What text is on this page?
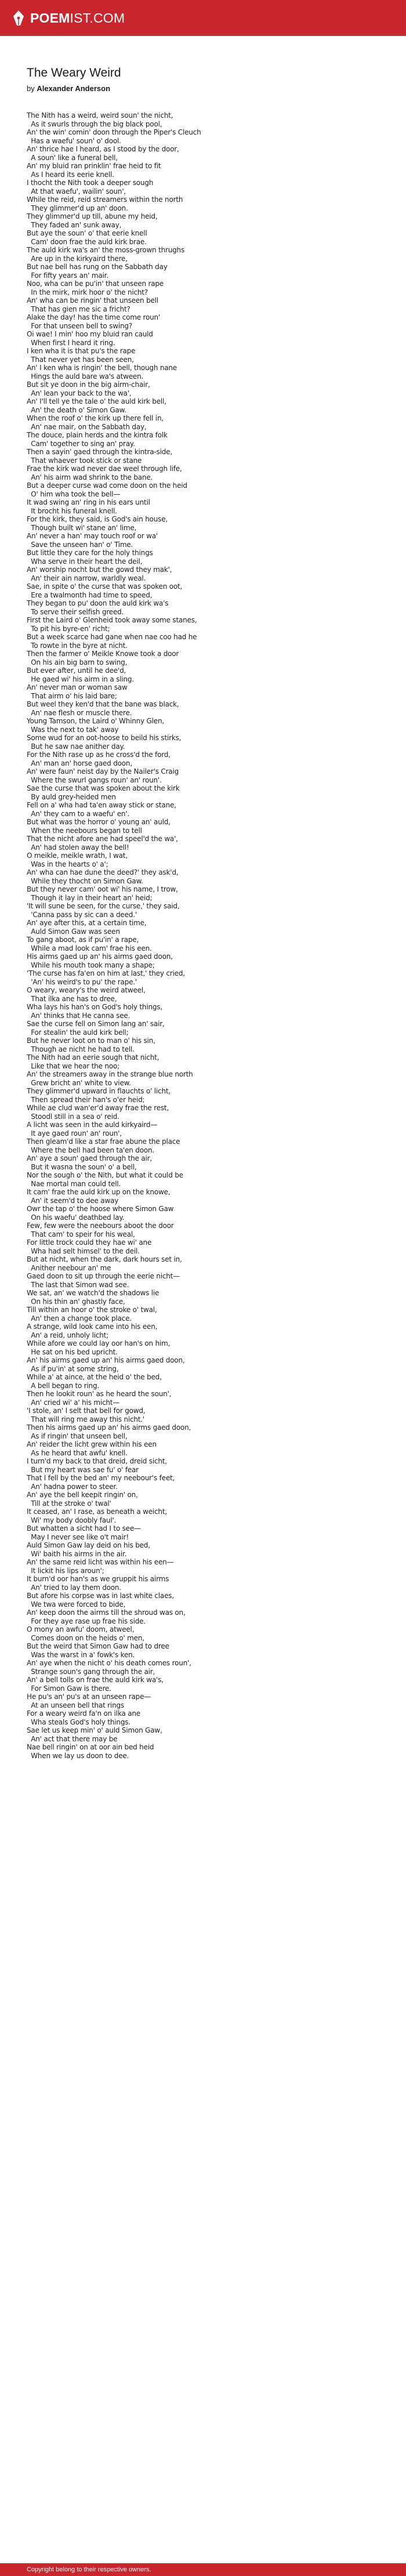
POEMIST.COM
The Weary Weird
by Alexander Anderson
The Nith has a weird, weird soun' the nicht,
As it swurls through the big black pool,
An' the win' comin' doon through the Piper's Cleuch
Has a waefu' soun' o' dool.
An' thrice hae I heard, as I stood by the door,
A soun' like a funeral bell,
An' my bluid ran prinklin' frae heid to fit
As I heard its eerie knell.
I thocht the Nith took a deeper sough
At that waefu', wailin' soun',
While the reid, reid streamers within the north
They glimmer'd up an' doon.
They glimmer'd up till, abune my heid,
They faded an' sunk away,
But aye the soun' o' that eerie knell
Cam' doon frae the auld kirk brae.
The auld kirk wa's an' the moss-grown thrughs
Are up in the kirkyaird there,
But nae bell has rung on the Sabbath day
For fifty years an' mair.
Noo, wha can be pu'in' that unseen rape
In the mirk, mirk hoor o' the nicht?
An' wha can be ringin' that unseen bell
That has gien me sic a fricht?
Alake the day! has the time come roun'
For that unseen bell to swing?
Oi wae! I min' hoo my bluid ran cauld
When first I heard it ring.
I ken wha it is that pu's the rape
That never yet has been seen,
An' I ken wha is ringin' the bell, though nane
Hings the auld bare wa's atween.
But sit ye doon in the big airm-chair,
An' lean your back to the wa',
An' I'll tell ye the tale o' the auld kirk bell,
An' the death o' Simon Gaw.
When the roof o' the kirk up there fell in,
An' nae mair, on the Sabbath day,
The douce, plain herds and the kintra folk
Cam' together to sing an' pray.
Then a sayin' gaed through the kintra-side,
That whaever took stick or stane
Frae the kirk wad never dae weel through life,
An' his airm wad shrink to the bane.
But a deeper curse wad come doon on the heid
O' him wha took the bell—
It wad swing an' ring in his ears until
It brocht his funeral knell.
For the kirk, they said, is God's ain house,
Though built wi' stane an' lime,
An' never a han' may touch roof or wa'
Save the unseen han' o' Time.
But little they care for the holy things
Wha serve in their heart the deil,
An' worship nocht but the gowd they mak',
An' their ain narrow, warldly weal.
Sae, in spite o' the curse that was spoken oot,
Ere a twalmonth had time to speed,
They began to pu' doon the auld kirk wa's
To serve their selfish greed.
First the Laird o' Glenheid took away some stanes,
To pit his byre-en' richt;
But a week scarce had gane when nae coo had he
To rowte in the byre at nicht.
Then the farmer o' Meikle Knowe took a door
On his ain big barn to swing,
But ever after, until he dee'd,
He gaed wi' his airm in a sling.
An' never man or woman saw
That airm o' his laid bare;
But weel they ken'd that the bane was black,
An' nae flesh or muscle there.
Young Tamson, the Laird o' Whinny Glen,
Was the next to tak' away
Some wud for an oot-hoose to beild his stirks,
But he saw nae anither day.
For the Nith rase up as he cross'd the ford,
An' man an' horse gaed doon,
An' were faun' neist day by the Nailer's Craig
Where the swurl gangs roun' an' roun'.
Sae the curse that was spoken about the kirk
By auld grey-heided men
Fell on a' wha had ta'en away stick or stane,
An' they cam to a waefu' en'.
But what was the horror o' young an' auld,
When the neebours began to tell
That the nicht afore ane had speel'd the wa',
An' had stolen away the bell!
O meikle, meikle wrath, I wat,
Was in the hearts o' a';
An' wha can hae dune the deed?' they ask'd,
While they thocht on Simon Gaw.
But they never cam' oot wi' his name, I trow,
Though it lay in their heart an' heid;
'It will sune be seen, for the curse,' they said,
'Canna pass by sic can a deed.'
An' aye after this, at a certain time,
Auld Simon Gaw was seen
To gang aboot, as if pu'in' a rape,
While a mad look cam' frae his een.
His airms gaed up an' his airms gaed doon,
While his mouth took many a shape;
'The curse has fa'en on him at last,' they cried,
'An' his weird's to pu' the rape.'
O weary, weary's the weird atweel,
That ilka ane has to dree,
Wha lays his han's on God's holy things,
An' thinks that He canna see.
Sae the curse fell on Simon lang an' sair,
For stealin' the auld kirk bell;
But he never loot on to man o' his sin,
Though ae nicht he had to tell.
The Nith had an eerie sough that nicht,
Like that we hear the noo;
An' the streamers away in the strange blue north
Grew bricht an' white to view.
They glimmer'd upward in flauchts o' licht,
Then spread their han's o'er heid;
While ae clud wan'er'd away frae the rest,
Stoodl still in a sea o' reid.
A licht was seen in the auld kirkyaird—
It aye gaed roun' an' roun',
Then gleam'd like a star frae abune the place
Where the bell had been ta'en doon.
An' aye a soun' gaed through the air,
But it wasna the soun' o' a bell,
Nor the sough o' the Nith, but what it could be
Nae mortal man could tell.
It cam' frae the auld kirk up on the knowe,
An' it seem'd to dee away
Owr the tap o' the hoose where Simon Gaw
On his waefu' deathbed lay.
Few, few were the neebours aboot the door
That cam' to speir for his weal,
For little trock could they hae wi' ane
Wha had selt himsel' to the deil.
But at nicht, when the dark, dark hours set in,
Anither neebour an' me
Gaed doon to sit up through the eerie nicht—
The last that Simon wad see.
We sat, an' we watch'd the shadows lie
On his thin an' ghastly face,
Till within an hoor o' the stroke o' twal,
An' then a change took place.
A strange, wild look came into his een,
An' a reid, unholy licht;
While afore we could lay oor han's on him,
He sat on his bed upricht.
An' his airms gaed up an' his airms gaed doon,
As if pu'in' at some string,
While a' at aince, at the heid o' the bed,
A bell began to ring.
Then he lookit roun' as he heard the soun',
An' cried wi' a' his micht—
'I stole, an' I selt that bell for gowd,
That will ring me away this nicht.'
Then his airms gaed up an' his airms gaed doon,
As if ringin' that unseen bell,
An' reider the licht grew within his een
As he heard that awfu' knell.
I turn'd my back to that dreid, dreid sicht,
But my heart was sae fu' o' fear
That I fell by the bed an' my neebour's feet,
An' hadna power to steer.
An' aye the bell keepit ringin' on,
Till at the stroke o' twal'
It ceased, an' I rase, as beneath a weicht,
Wi' my body doobly faul'.
But whatten a sicht had I to see—
May I never see like o't mair!
Auld Simon Gaw lay deid on his bed,
Wi' baith his airms in the air.
An' the same reid licht was within his een—
It lickit his lips aroun';
It burn'd oor han's as we gruppit his airms
An' tried to lay them doon.
But afore his corpse was in last white claes,
We twa were forced to bide,
An' keep doon the airms till the shroud was on,
For they aye rase up frae his side.
O mony an awfu' doom, atweel,
Comes doon on the heids o' men,
But the weird that Simon Gaw had to dree
Was the warst in a' fowk's ken.
An' aye when the nicht o' his death comes roun',
Strange soun's gang through the air,
An' a bell tolls on frae the auld kirk wa's,
For Simon Gaw is there.
He pu's an' pu's at an unseen rape—
At an unseen bell that rings
For a weary weird fa'n on ilka ane
Wha steals God's holy things.
Sae let us keep min' o' auld Simon Gaw,
An' act that there may be
Nae bell ringin' on at oor ain bed heid
When we lay us doon to dee.
Copyright belong to their respective owners.
